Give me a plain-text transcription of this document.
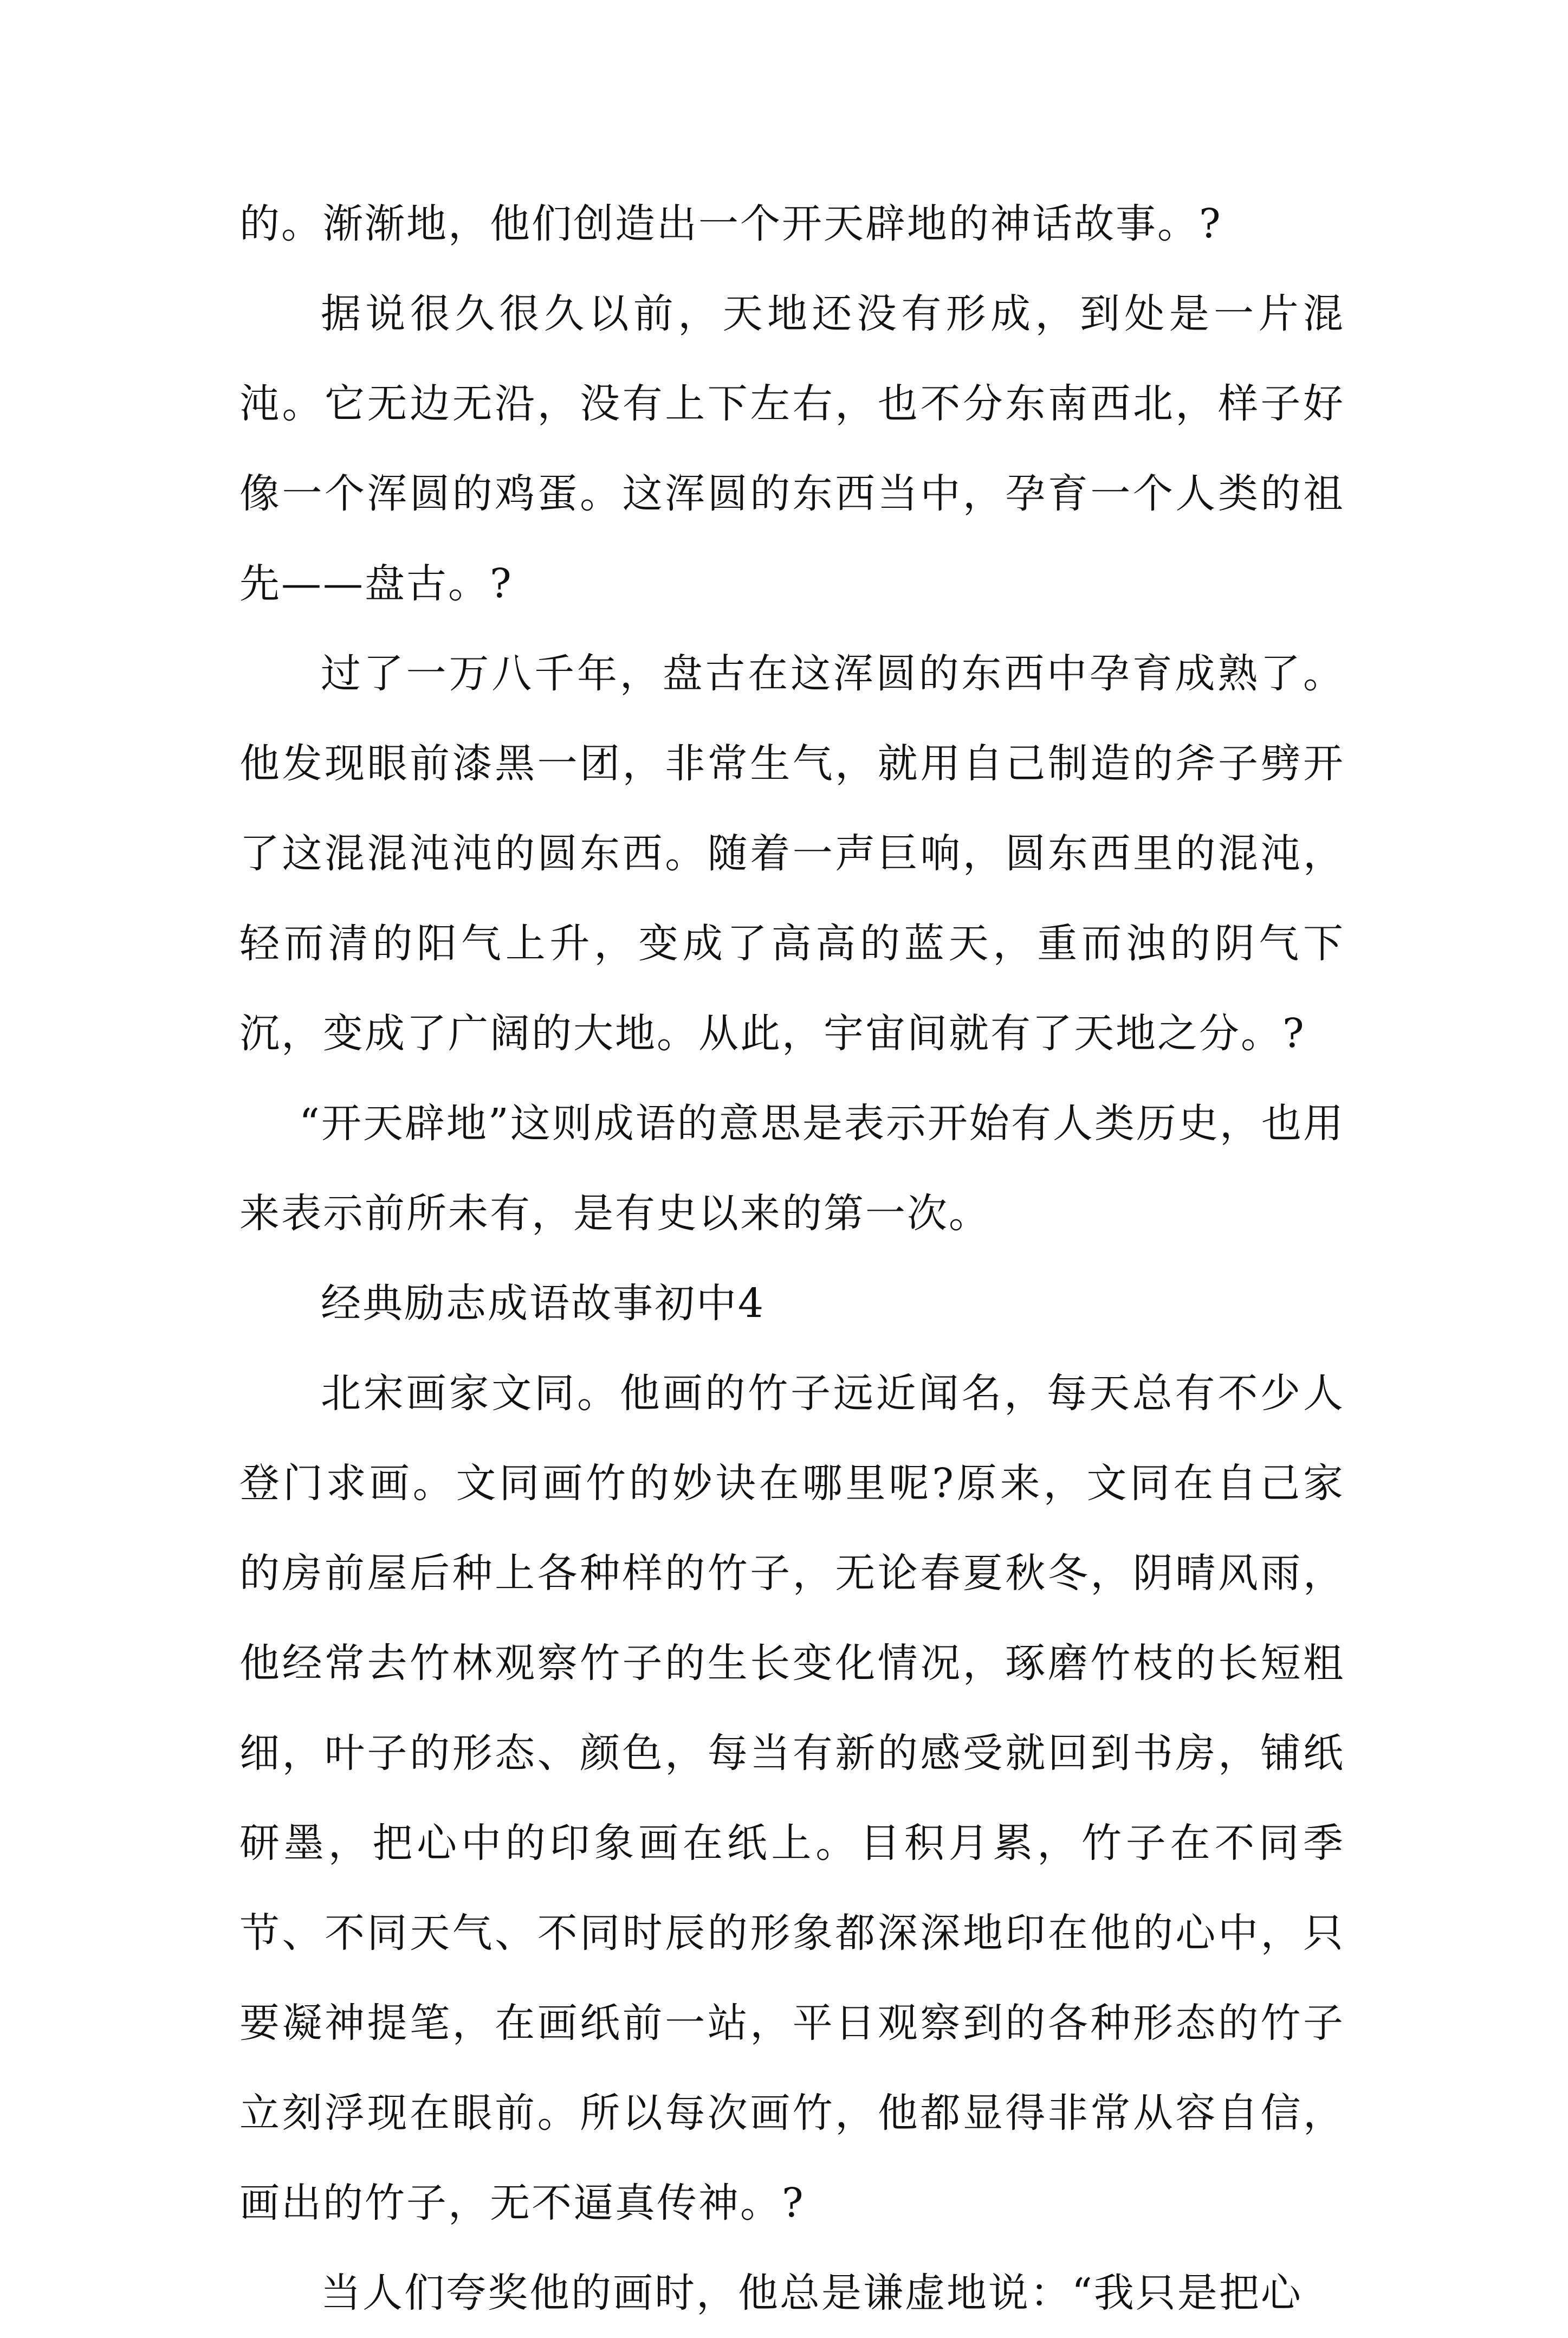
的。渐渐地，他们创造出一个开天辟地的神话故事。?

据说很久很久以前，天地还没有形成，到处是一片混沌。它无边无沿，没有上下左右，也不分东南西北，样子好像一个浑圆的鸡蛋。这浑圆的东西当中，孕育一个人类的祖先——盘古。?

过了一万八千年，盘古在这浑圆的东西中孕育成熟了。他发现眼前漆黑一团，非常生气，就用自己制造的斧子劈开了这混混沌沌的圆东西。随着一声巨响，圆东西里的混沌，轻而清的阳气上升，变成了高高的蓝天，重而浊的阴气下沉，变成了广阔的大地。从此，宇宙间就有了天地之分。?

“开天辟地”这则成语的意思是表示开始有人类历史，也用来表示前所未有，是有史以来的第一次。

经典励志成语故事初中4

北宋画家文同。他画的竹子远近闻名，每天总有不少人登门求画。文同画竹的妙诀在哪里呢?原来，文同在自己家的房前屋后种上各种样的竹子，无论春夏秋冬，阴晴风雨，他经常去竹林观察竹子的生长变化情况，琢磨竹枝的长短粗细，叶子的形态、颜色，每当有新的感受就回到书房，铺纸研墨，把心中的印象画在纸上。目积月累，竹子在不同季节、不同天气、不同时辰的形象都深深地印在他的心中，只要凝神提笔，在画纸前一站，平日观察到的各种形态的竹子立刻浮现在眼前。所以每次画竹，他都显得非常从容自信，画出的竹子，无不逼真传神。?

当人们夸奖他的画时，他总是谦虚地说：“我只是把心
